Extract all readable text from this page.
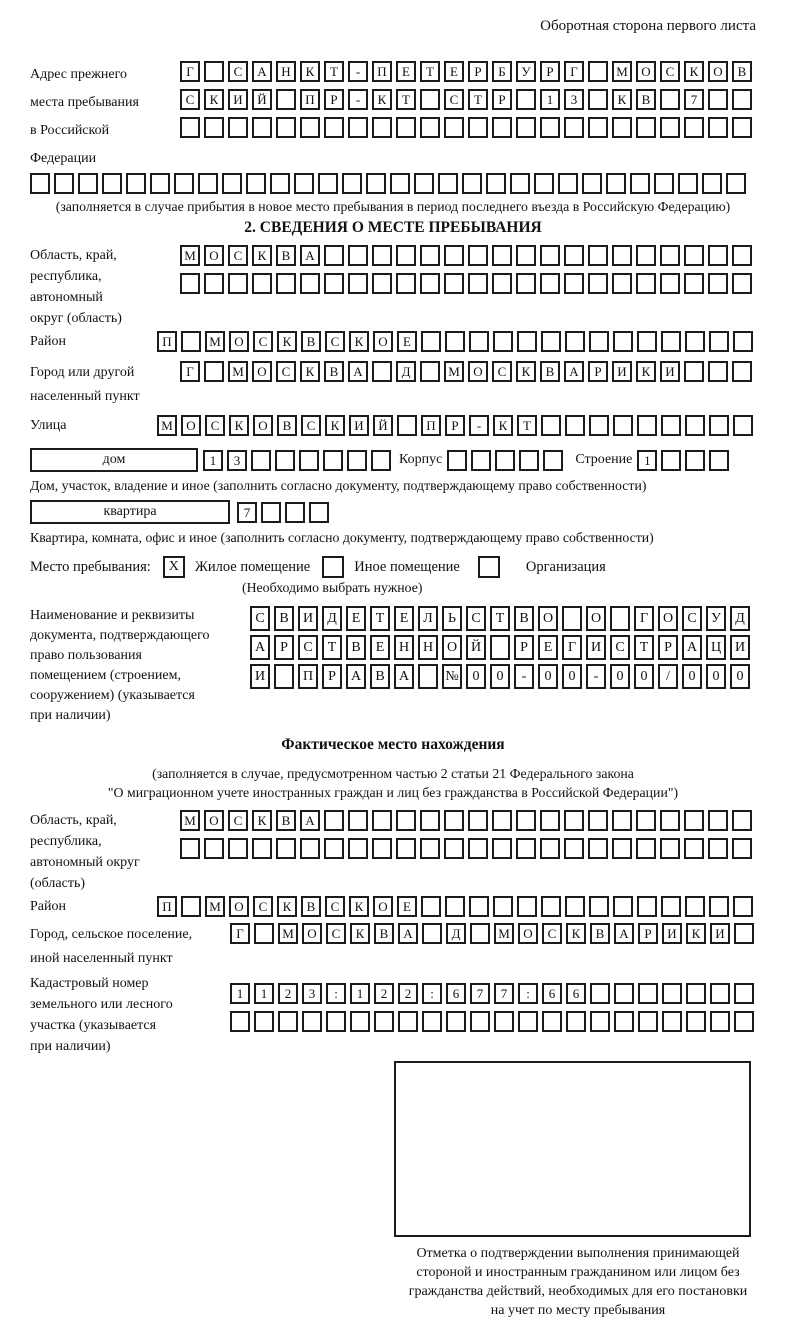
Оборотная сторона первого листа
Адрес прежнего
места пребывания
в Российской
Федерации
Г	С	А	Н	К	Т	-	П	Е	Т	Е	Р	Б	У	Р	Г	М	О	С	К	О	В
С	К	И	Й	П	Р	-	К	Т	С	Т	Р	1	3	К	В	7
(заполняется в случае прибытия в новое место пребывания в период последнего въезда в Российскую Федерацию)
2. СВЕДЕНИЯ О МЕСТЕ ПРЕБЫВАНИЯ
Область, край,
республика,
автономный
округ (область)
М	О	С	К	В	А
Район	П	М	О	С	К	В	С	К	О	Е
Город или другой
населенный пункт
Г	М	О	С	К	В	А	Д	М	О	С	К	В	А	Р	И	К	И
Улица	М	О	С	К	О	В	С	К	И	Й	П	Р	-	К	Т
дом	1	3	Корпус	Строение 1
Дом, участок, владение и иное (заполнить согласно документу, подтверждающему право собственности)
квартира	7
Квартира, комната, офис и иное (заполнить согласно документу, подтверждающему право собственности)
Место пребывания:	X	Жилое помещение	Иное помещение	Организация
(Необходимо выбрать нужное)
Наименование и реквизиты
документа, подтверждающего
право пользования
помещением (строением,
сооружением) (указывается
при наличии)
С	В	И	Д	Е	Т	Е	Л	Ь	С	Т	В	О	О	Г	О	С	У	Д
А	Р	С	Т	В	Е	Н Н О Й	Р	Е	Г	И	С	Т	Р	А Ц И
И	П	Р	А	В	А	№ 0	0	-	0	0	-	0	0	/	0	0	0
Фактическое место нахождения
(заполняется в случае, предусмотренном частью 2 статьи 21 Федерального закона
"О миграционном учете иностранных граждан и лиц без гражданства в Российской Федерации")
Область, край,
республика,
автономный округ
(область)
М	О	С	К	В	А
Район	П	М	О	С	К	В	С	К	О	Е
Город, сельское поселение,
иной населенный пункт
Г	М	О	С	К	В	А	Д	М	О	С	К	В	А	Р	И	К	И
Кадастровый номер
земельного или лесного
участка (указывается
при наличии)
1	1	2	3	:	1	2	2	:	6	7	7	:	6	6
Отметка о подтверждении выполнения принимающей
стороной и иностранным гражданином или лицом без
гражданства действий, необходимых для его постановки
на учет по месту пребывания
